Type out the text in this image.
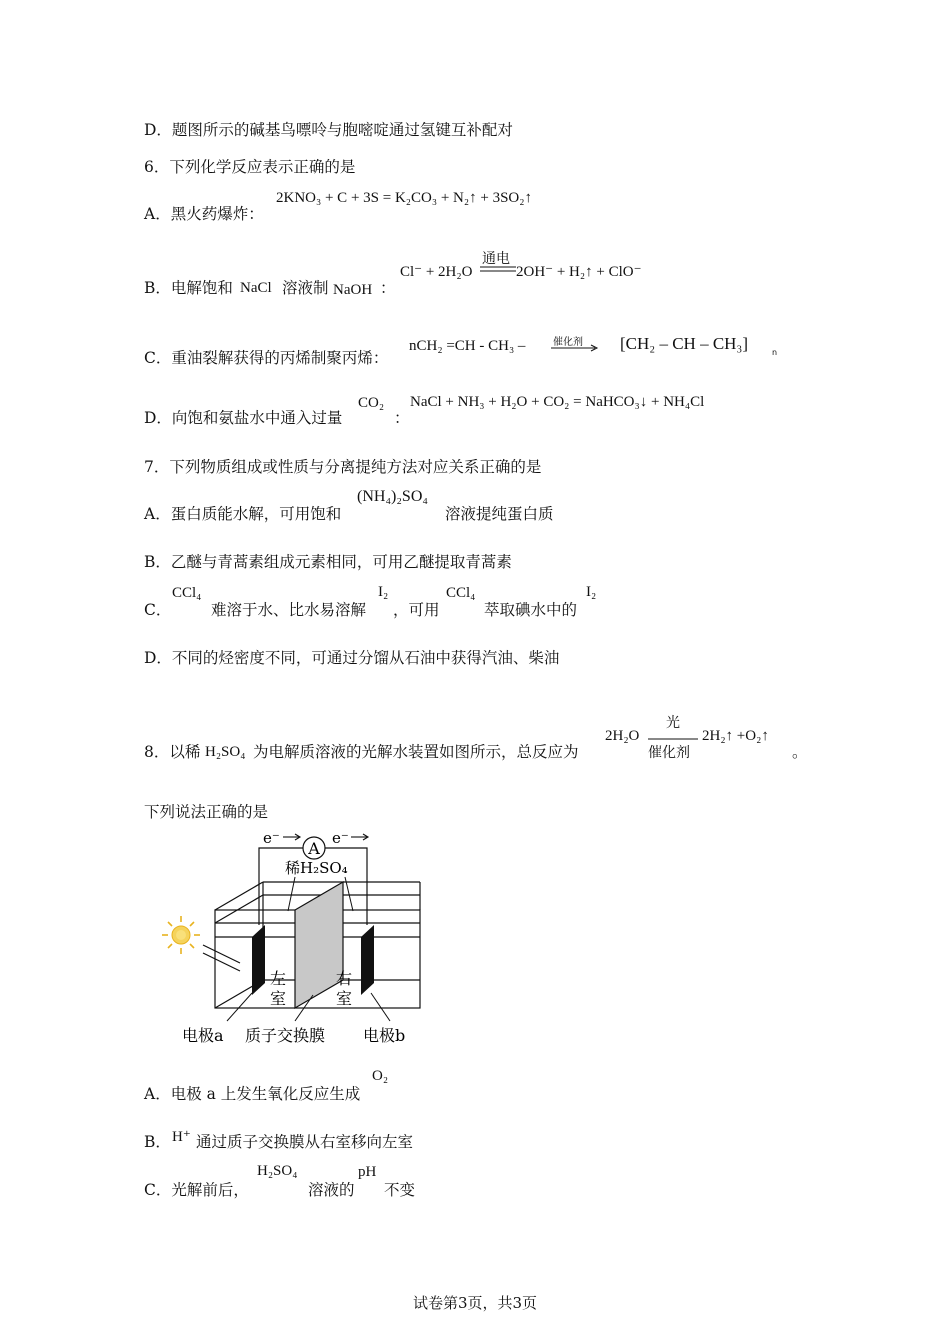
D．题图所示的碱基鸟嘌呤与胞嘧啶通过氢键互补配对
6．下列化学反应表示正确的是
A．黑火药爆炸：
2KNO₃ + C + 3S = K₂CO₃ + N₂↑ + 3SO₂↑
B．电解饱和 NaCl 溶液制 NaOH ：
Cl⁻ + 2H₂O
通电
2OH⁻ + H₂↑ + ClO⁻
C．重油裂解获得的丙烯制聚丙烯：
nCH₂ =CH - CH₃ –	催化剂 [CH₂ – CH – CH₃]	n
D．向饱和氨盐水中通入过量
CO₂
：
NaCl + NH₃ + H₂O + CO₂ = NaHCO₃↓ + NH₄Cl
7．下列物质组成或性质与分离提纯方法对应关系正确的是
A．蛋白质能水解，可用饱和
(NH₄)₂SO₄
溶液提纯蛋白质
B．乙醚与青蒿素组成元素相同，可用乙醚提取青蒿素
C．
CCl₄
难溶于水、比水易溶解
I₂
，可用
CCl₄
萃取碘水中的
I₂
D．不同的烃密度不同，可通过分馏从石油中获得汽油、柴油
8．以稀 H₂SO₄ 为电解质溶液的光解水装置如图所示，总反应为
2H₂O
光
催化剂
2H₂↑ +O₂↑
。
下列说法正确的是
A
e⁻	e⁻
稀H₂SO₄
左
室
右
室
电极a 质子交换膜 电极b
A．电极 a 上发生氧化反应生成
O₂
B． H⁺ 通过质子交换膜从右室移向左室
C．光解前后，
H₂SO₄
溶液的
pH
不变
试卷第3页，共3页
